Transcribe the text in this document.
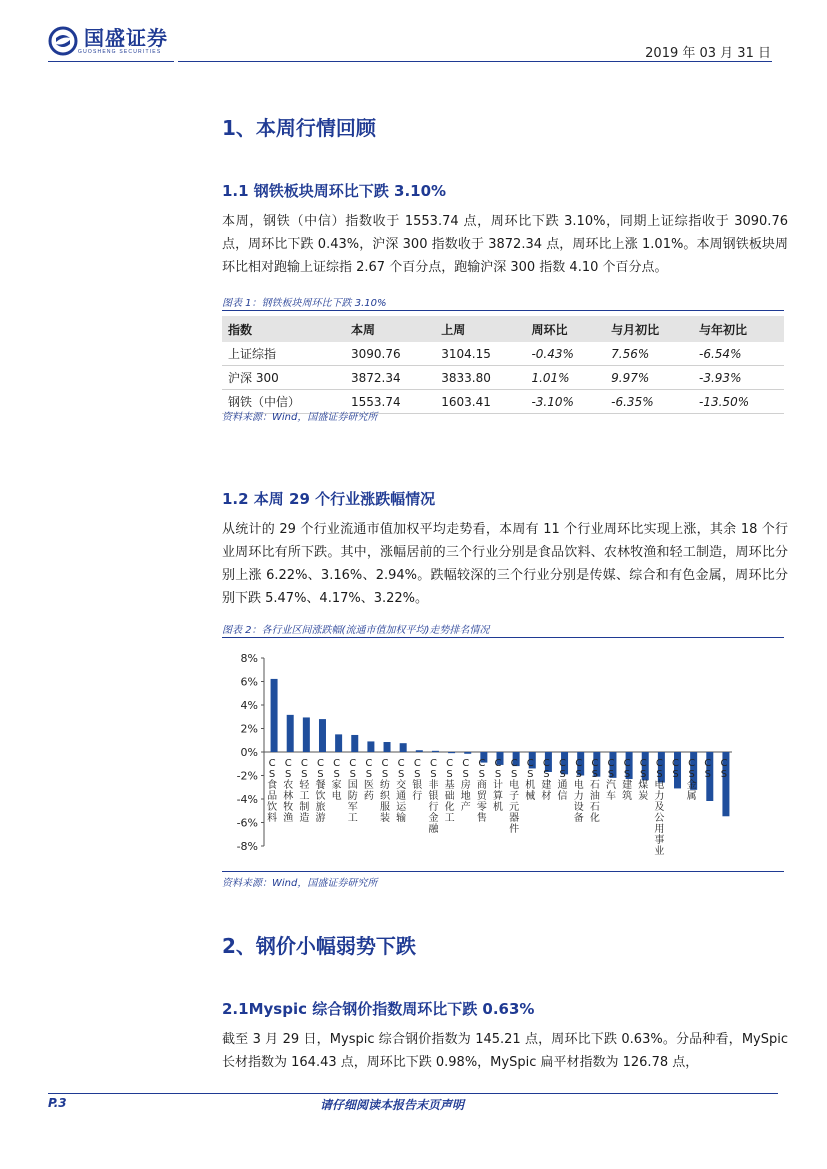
国盛证券
GUOSHENG SECURITIES	2019 年 03 月 31 日
1、本周行情回顾
1.1 钢铁板块周环比下跌 3.10%
本周，钢铁（中信）指数收于 1553.74 点，周环比下跌 3.10%，同期上证综指收于 3090.76 点，周环比下跌 0.43%，沪深 300 指数收于 3872.34 点，周环比上涨 1.01%。本周钢铁板块周环比相对跑输上证综指 2.67 个百分点，跑输沪深 300 指数 4.10 个百分点。
图表 1：钢铁板块周环比下跌 3.10%
指数	本周	上周	周环比	与月初比	与年初比
上证综指	3090.76	3104.15	-0.43%	7.56%	-6.54%
沪深 300	3872.34	3833.80	1.01%	9.97%	-3.93%
钢铁（中信）	1553.74	1603.41	-3.10%	-6.35%	-13.50%
资料来源：Wind，国盛证券研究所
1.2 本周 29 个行业涨跌幅情况
从统计的 29 个行业流通市值加权平均走势看，本周有 11 个行业周环比实现上涨，其余 18 个行业周环比有所下跌。其中，涨幅居前的三个行业分别是食品饮料、农林牧渔和轻工制造，周环比分别上涨 6.22%、3.16%、2.94%。跌幅较深的三个行业分别是传媒、综合和有色金属，周环比分别下跌 5.47%、4.17%、3.22%。
图表 2：各行业区间涨跌幅(流通市值加权平均)走势排名情况
8%
6%
4%
2%
0%
-2%
-4%
-6%
-8%
C S 食品饮料
C S 农林牧渔
C S 轻工制造
C S 餐饮旅游
C S 家电
C S 国防军工
C S 医药
C S 纺织服装
C S 交通运输
C S 银行
C S 非银行金融
C S 基础化工
C S 房地产
C S 商贸零售
C S 计算机
C S 电子元器件
C S 机械
C S 建材
C S 通信
C S 电力设备
C S 石油石化
C S 汽车
C S 建筑
C S 煤炭
C S 电力及公用事业
C S
C S 金属
C S
C S
资料来源：Wind，国盛证券研究所
2、钢价小幅弱势下跌
2.1Myspic 综合钢价指数周环比下跌 0.63%
截至 3 月 29 日，Myspic 综合钢价指数为 145.21 点，周环比下跌 0.63%。分品种看，MySpic 长材指数为 164.43 点，周环比下跌 0.98%，MySpic 扁平材指数为 126.78 点，
P.3	请仔细阅读本报告末页声明
